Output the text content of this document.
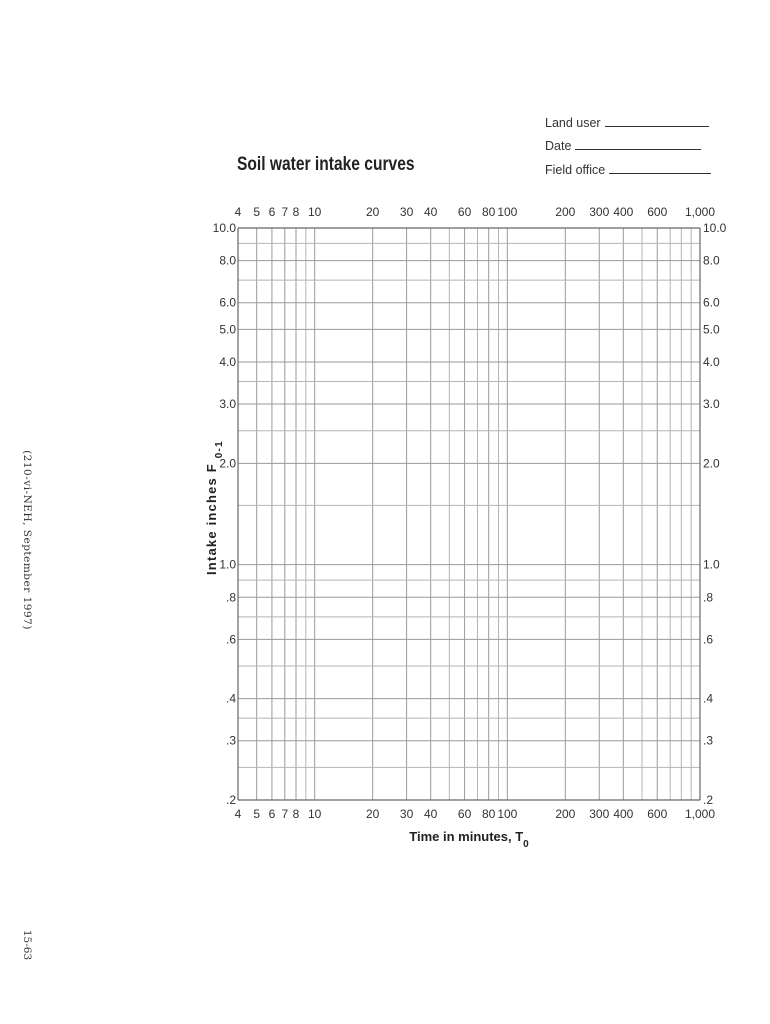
Land user
Date
Field office
Soil water intake curves
(210-vi-NEH, September 1997)
15-63
4
4
5
5
6
6
7
7
8
8
10
10
20
20
30
30
40
40
60
60
80
80
100
100
200
200
300
300
400
400
600
600
1,000
1,000
10.0	10.0
8.0	8.0
6.0	6.0
5.0	5.0
4.0	4.0
3.0	3.0
2.0	2.0
1.0	1.0
.8	.8
.6	.6
.4	.4
.3	.3
.2	.2
Time in minutes, $T_0$
Intake inches F $_{0-1}$
